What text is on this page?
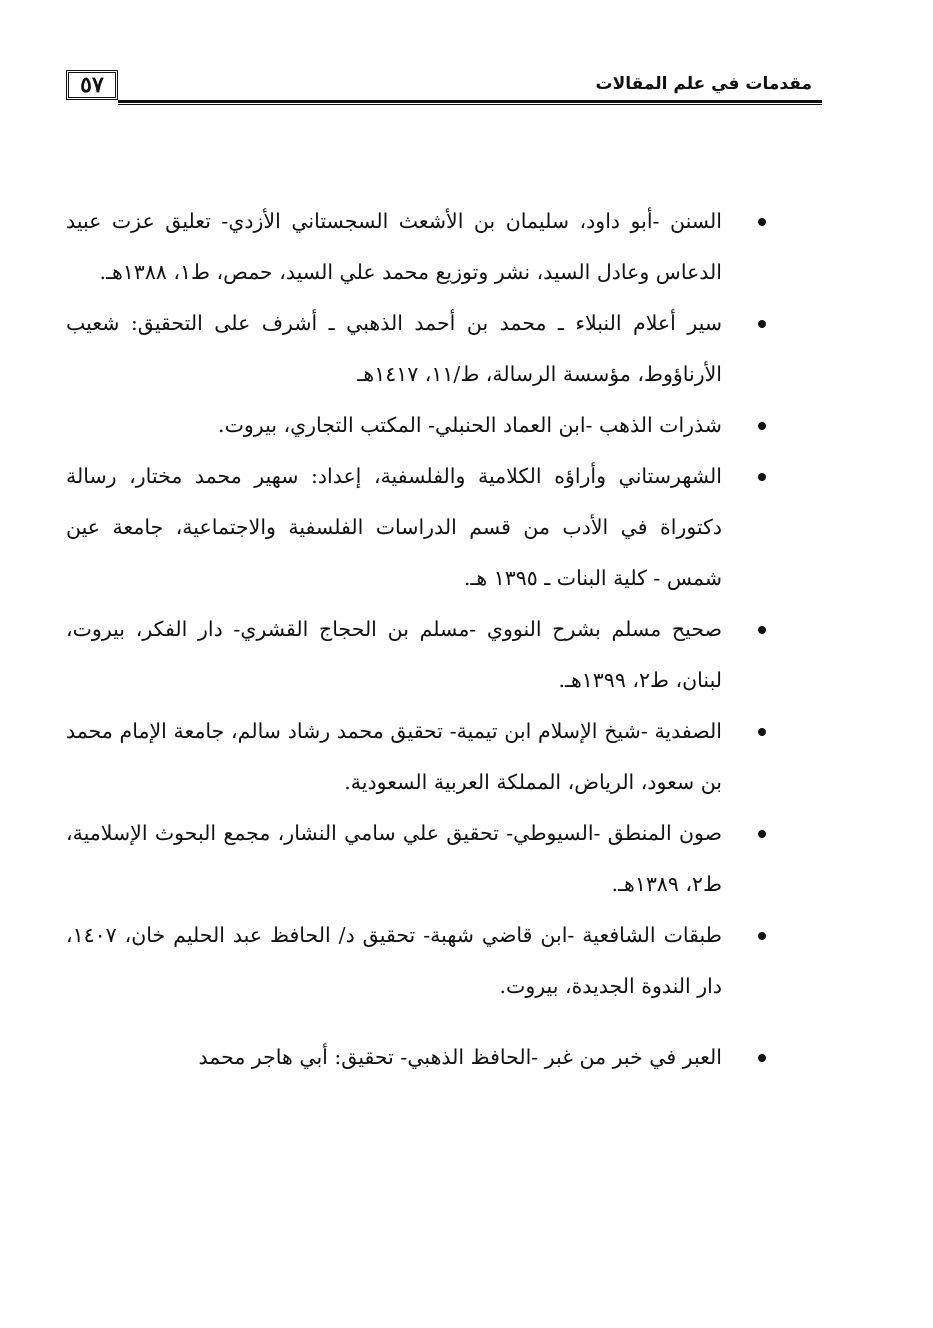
٥٧	مقدمات في علم المقالات
السنن -أبو داود، سليمان بن الأشعث السجستاني الأزدي- تعليق عزت عبيد الدعاس وعادل السيد، نشر وتوزيع محمد علي السيد، حمص، ط١، ١٣٨٨هـ.
سير أعلام النبلاء ـ محمد بن أحمد الذهبي ـ أشرف على التحقيق: شعيب الأرناؤوط، مؤسسة الرسالة، ط/١١، ١٤١٧هـ
شذرات الذهب -ابن العماد الحنبلي- المكتب التجاري، بيروت.
الشهرستاني وأراؤه الكلامية والفلسفية، إعداد: سهير محمد مختار، رسالة دكتوراة في الأدب من قسم الدراسات الفلسفية والاجتماعية، جامعة عين شمس - كلية البنات ـ ١٣٩٥ هـ.
صحيح مسلم بشرح النووي -مسلم بن الحجاج القشري- دار الفكر، بيروت، لبنان، ط٢، ١٣٩٩هـ.
الصفدية -شيخ الإسلام ابن تيمية- تحقيق محمد رشاد سالم، جامعة الإمام محمد بن سعود، الرياض، المملكة العربية السعودية.
صون المنطق -السيوطي- تحقيق علي سامي النشار، مجمع البحوث الإسلامية، ط٢، ١٣٨٩هـ.
طبقات الشافعية -ابن قاضي شهبة- تحقيق د/ الحافظ عبد الحليم خان، ١٤٠٧، دار الندوة الجديدة، بيروت.
العبر في خبر من غبر -الحافظ الذهبي- تحقيق: أبي هاجر محمد
